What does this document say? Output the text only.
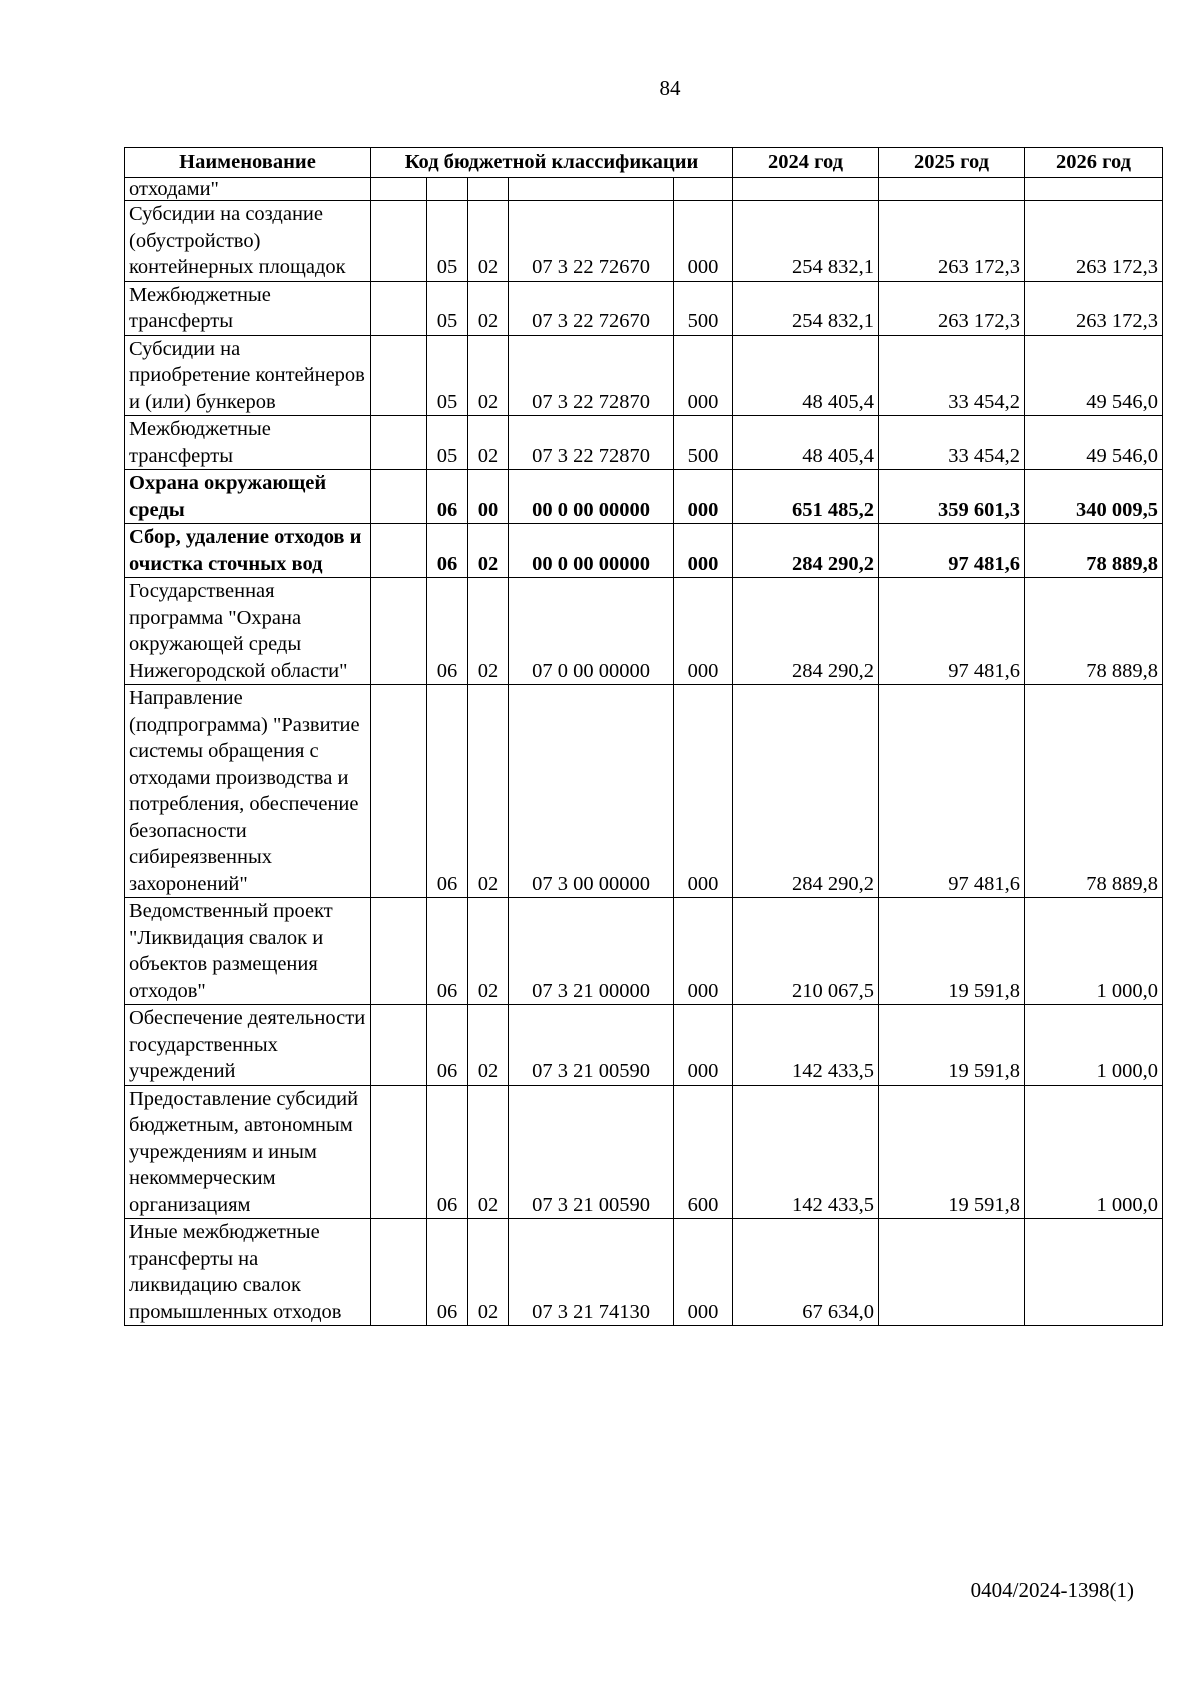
84
Наименование	Код бюджетной классификации					2024 год	2025 год	2026 год
отходами"								
Субсидии на создание (обустройство) контейнерных площадок		05	02	07 3 22 72670	000	254 832,1	263 172,3	263 172,3
Межбюджетные трансферты		05	02	07 3 22 72670	500	254 832,1	263 172,3	263 172,3
Субсидии на приобретение контейнеров и (или) бункеров		05	02	07 3 22 72870	000	48 405,4	33 454,2	49 546,0
Межбюджетные трансферты		05	02	07 3 22 72870	500	48 405,4	33 454,2	49 546,0
Охрана окружающей среды		06	00	00 0 00 00000	000	651 485,2	359 601,3	340 009,5
Сбор, удаление отходов и очистка сточных вод		06	02	00 0 00 00000	000	284 290,2	97 481,6	78 889,8
Государственная программа "Охрана окружающей среды Нижегородской области"		06	02	07 0 00 00000	000	284 290,2	97 481,6	78 889,8
Направление (подпрограмма) "Развитие системы обращения с отходами производства и потребления, обеспечение безопасности сибиреязвенных захоронений"		06	02	07 3 00 00000	000	284 290,2	97 481,6	78 889,8
Ведомственный проект "Ликвидация свалок и объектов размещения отходов"		06	02	07 3 21 00000	000	210 067,5	19 591,8	1 000,0
Обеспечение деятельности государственных учреждений		06	02	07 3 21 00590	000	142 433,5	19 591,8	1 000,0
Предоставление субсидий бюджетным, автономным учреждениям и иным некоммерческим организациям		06	02	07 3 21 00590	600	142 433,5	19 591,8	1 000,0
Иные межбюджетные трансферты на ликвидацию свалок промышленных отходов		06	02	07 3 21 74130	000	67 634,0		
0404/2024-1398(1)
